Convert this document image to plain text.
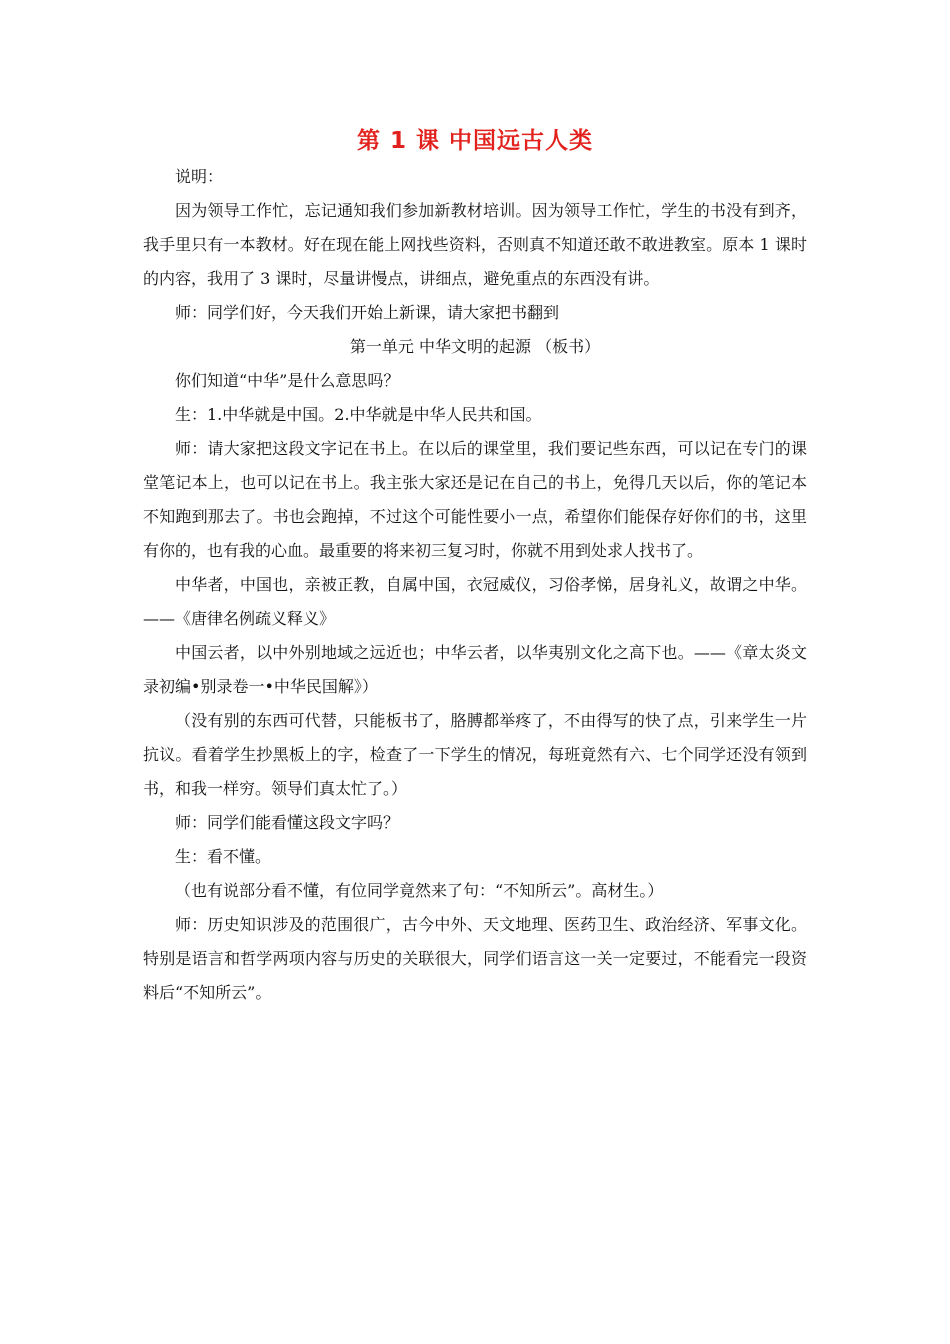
第 1 课 中国远古人类

说明：

因为领导工作忙，忘记通知我们参加新教材培训。因为领导工作忙，学生的书没有到齐，我手里只有一本教材。好在现在能上网找些资料，否则真不知道还敢不敢进教室。原本 1 课时的内容，我用了 3 课时，尽量讲慢点，讲细点，避免重点的东西没有讲。

师：同学们好，今天我们开始上新课，请大家把书翻到

第一单元 中华文明的起源 （板书）

你们知道“中华”是什么意思吗？

生：1.中华就是中国。2.中华就是中华人民共和国。

师：请大家把这段文字记在书上。在以后的课堂里，我们要记些东西，可以记在专门的课堂笔记本上，也可以记在书上。我主张大家还是记在自己的书上，免得几天以后，你的笔记本不知跑到那去了。书也会跑掉，不过这个可能性要小一点，希望你们能保存好你们的书，这里有你的，也有我的心血。最重要的将来初三复习时，你就不用到处求人找书了。

中华者，中国也，亲被正教，自属中国，衣冠威仪，习俗孝悌，居身礼义，故谓之中华。——《唐律名例疏义释义》

中国云者，以中外别地域之远近也；中华云者，以华夷别文化之高下也。——《章太炎文录初编•别录卷一•中华民国解》）

（没有别的东西可代替，只能板书了，胳膊都举疼了，不由得写的快了点，引来学生一片抗议。看着学生抄黑板上的字，检查了一下学生的情况，每班竟然有六、七个同学还没有领到书，和我一样穷。领导们真太忙了。）

师：同学们能看懂这段文字吗？

生：看不懂。

（也有说部分看不懂，有位同学竟然来了句：“不知所云”。高材生。）

师：历史知识涉及的范围很广，古今中外、天文地理、医药卫生、政治经济、军事文化。特别是语言和哲学两项内容与历史的关联很大，同学们语言这一关一定要过，不能看完一段资料后“不知所云”。
